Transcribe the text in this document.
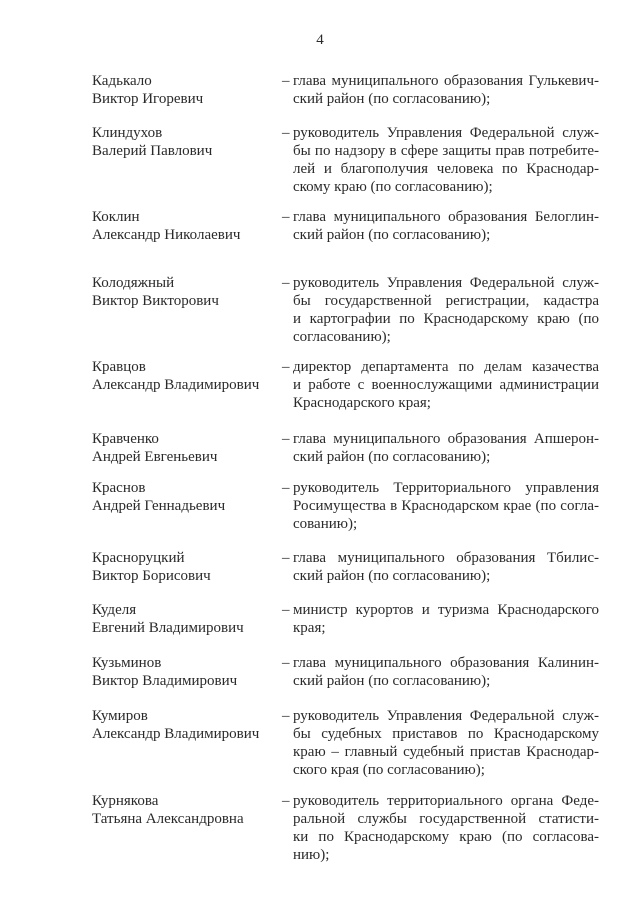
4
Кадькало
Виктор Игоревич
– глава муниципального образования Гулькевич-
ский район (по согласованию);
Клиндухов
Валерий Павлович
– руководитель Управления Федеральной служ-
бы по надзору в сфере защиты прав потребите-
лей и благополучия человека по Краснодар-
скому краю (по согласованию);
Коклин
Александр Николаевич
– глава муниципального образования Белоглин-
ский район (по согласованию);
Колодяжный
Виктор Викторович
– руководитель Управления Федеральной служ-
бы государственной регистрации, кадастра
и картографии по Краснодарскому краю (по
согласованию);
Кравцов
Александр Владимирович
– директор департамента по делам казачества
и работе с военнослужащими администрации
Краснодарского края;
Кравченко
Андрей Евгеньевич
– глава муниципального образования Апшерон-
ский район (по согласованию);
Краснов
Андрей Геннадьевич
– руководитель Территориального управления
Росимущества в Краснодарском крае (по согла-
сованию);
Красноруцкий
Виктор Борисович
– глава муниципального образования Тбилис-
ский район (по согласованию);
Куделя
Евгений Владимирович
– министр курортов и туризма Краснодарского
края;
Кузьминов
Виктор Владимирович
– глава муниципального образования Калинин-
ский район (по согласованию);
Кумиров
Александр Владимирович
– руководитель Управления Федеральной служ-
бы судебных приставов по Краснодарскому
краю – главный судебный пристав Краснодар-
ского края (по согласованию);
Курнякова
Татьяна Александровна
– руководитель территориального органа Феде-
ральной службы государственной статисти-
ки по Краснодарскому краю (по согласова-
нию);
